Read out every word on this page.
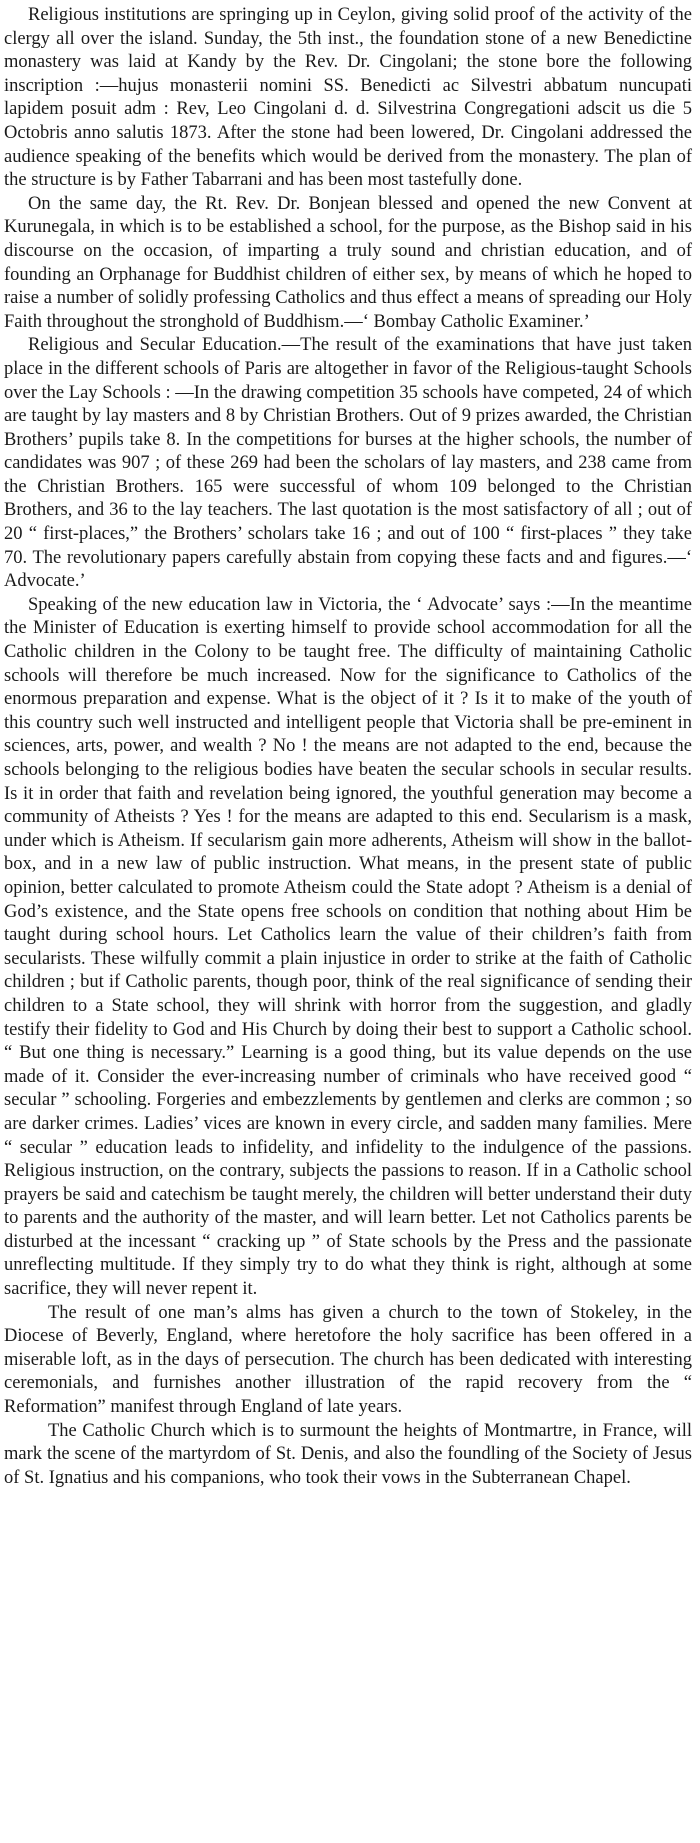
Religious institutions are springing up in Ceylon, giving solid proof of the activity of the clergy all over the island. Sunday, the 5th inst., the foundation stone of a new Benedictine monastery was laid at Kandy by the Rev. Dr. Cingolani; the stone bore the following inscription :—hujus monasterii nomini SS. Benedicti ac Silvestri abbatum nuncupati lapidem posuit adm : Rev, Leo Cingolani d. d. Silvestrina Congregationi adscit us die 5 Octobris anno salutis 1873. After the stone had been lowered, Dr. Cingolani addressed the audience speaking of the benefits which would be derived from the monastery. The plan of the structure is by Father Tabarrani and has been most tastefully done.

On the same day, the Rt. Rev. Dr. Bonjean blessed and opened the new Convent at Kurunegala, in which is to be established a school, for the purpose, as the Bishop said in his discourse on the occasion, of imparting a truly sound and christian education, and of founding an Orphanage for Buddhist children of either sex, by means of which he hoped to raise a number of solidly professing Catholics and thus effect a means of spreading our Holy Faith throughout the stronghold of Buddhism.—‘ Bombay Catholic Examiner.’

Religious and Secular Education.—The result of the examinations that have just taken place in the different schools of Paris are altogether in favor of the Religious-taught Schools over the Lay Schools : —In the drawing competition 35 schools have competed, 24 of which are taught by lay masters and 8 by Christian Brothers. Out of 9 prizes awarded, the Christian Brothers’ pupils take 8. In the competitions for burses at the higher schools, the number of candidates was 907 ; of these 269 had been the scholars of lay masters, and 238 came from the Christian Brothers. 165 were successful of whom 109 belonged to the Christian Brothers, and 36 to the lay teachers. The last quotation is the most satisfactory of all ; out of 20 “ first-places,” the Brothers’ scholars take 16 ; and out of 100 “ first-places ” they take 70. The revolutionary papers carefully abstain from copying these facts and and figures.—‘ Advocate.’

Speaking of the new education law in Victoria, the ‘ Advocate’ says :—In the meantime the Minister of Education is exerting himself to provide school accommodation for all the Catholic children in the Colony to be taught free. The difficulty of maintaining Catholic schools will therefore be much increased. Now for the significance to Catholics of the enormous preparation and expense. What is the object of it ? Is it to make of the youth of this country such well instructed and intelligent people that Victoria shall be pre-eminent in sciences, arts, power, and wealth ? No ! the means are not adapted to the end, because the schools belonging to the religious bodies have beaten the secular schools in secular results. Is it in order that faith and revelation being ignored, the youthful generation may become a community of Atheists ? Yes ! for the means are adapted to this end. Secularism is a mask, under which is Atheism. If secularism gain more adherents, Atheism will show in the ballot-box, and in a new law of public instruction. What means, in the present state of public opinion, better calculated to promote Atheism could the State adopt ? Atheism is a denial of God’s existence, and the State opens free schools on condition that nothing about Him be taught during school hours. Let Catholics learn the value of their children’s faith from secularists. These wilfully commit a plain injustice in order to strike at the faith of Catholic children ; but if Catholic parents, though poor, think of the real significance of sending their children to a State school, they will shrink with horror from the suggestion, and gladly testify their fidelity to God and His Church by doing their best to support a Catholic school. “ But one thing is necessary.” Learning is a good thing, but its value depends on the use made of it. Consider the ever-increasing number of criminals who have received good “ secular ” schooling. Forgeries and embezzlements by gentlemen and clerks are common ; so are darker crimes. Ladies’ vices are known in every circle, and sadden many families. Mere “ secular ” education leads to infidelity, and infidelity to the indulgence of the passions. Religious instruction, on the contrary, subjects the passions to reason. If in a Catholic school prayers be said and catechism be taught merely, the children will better understand their duty to parents and the authority of the master, and will learn better. Let not Catholics parents be disturbed at the incessant “ cracking up ” of State schools by the Press and the passionate unreflecting multitude. If they simply try to do what they think is right, although at some sacrifice, they will never repent it.

The result of one man’s alms has given a church to the town of Stokeley, in the Diocese of Beverly, England, where heretofore the holy sacrifice has been offered in a miserable loft, as in the days of persecution. The church has been dedicated with interesting ceremonials, and furnishes another illustration of the rapid recovery from the “ Reformation” manifest through England of late years.

The Catholic Church which is to surmount the heights of Montmartre, in France, will mark the scene of the martyrdom of St. Denis, and also the foundling of the Society of Jesus of St. Ignatius and his companions, who took their vows in the Subterranean Chapel.
